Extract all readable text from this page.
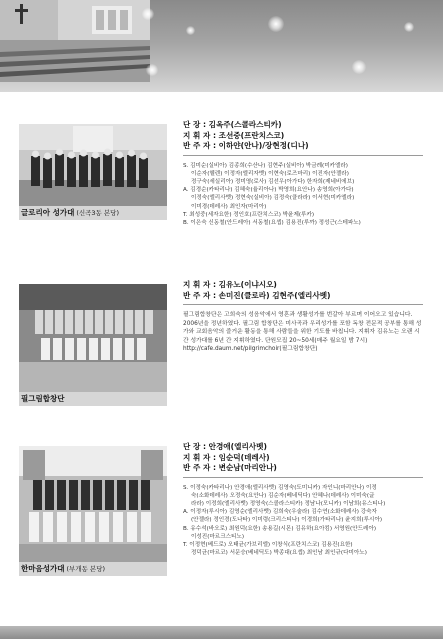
글로리아 성가대 (신곡3동 본당)
단 장 : 김옥주(스콜라스티카)
지 휘 자 : 조선중(프란치스코)
반 주 자 : 이하얀(안나)/장현정(디나)
S. 김미순(실비아) 김종희(수산나) 김현주(실비아) 박금례(미카엘라)
이순자(헬렌) 이정자(엘리자벳) 이현숙(로즈마리) 이진자(안젤라)
정구숙(세실리아) 정미영(로사) 김선우(아가다) 한자희(제네비에브)
A. 김경순(카타리나) 김혜숙(율리아나) 박영희(요안나) 송영희(아가다)
이정숙(엘리사벳) 정현숙(실비아) 김정숙(클라라) 이서현(미카엘라)
이미경(데레사) 최인자(마리아)
T. 최성중(세자요한) 정인호(프란치스코) 박윤제(루카)
B. 이은숙 신동철(안드레아) 서동철(요셉) 김용진(루까) 정성근(스테파노)
필그림합창단
지 휘 자 : 김유노(이냐시오)
반 주 자 : 손미진(클로라) 김현주(엘리사벳)
필그림합창단은 고희숙의 성음악에서 영혼과 생활성가를 번갈아 부르며 이어오고 있습니다. 2006년을 정년하였다. 필그림 합창단은 미사곡과 우리성가를 포함 독창 전문적 공부를 통해 성가와 교회음악의 즐거운 활동을 통해 사람들을 위한 기도를 바칩니다. 지휘자 김유노는 오랜 시간 성가대를 6년 간 지휘하였다. 단원모집 20~50세(매주 월요일 밤 7시) http://cafe.daum.net/pilgrimchoir(필그림합창단)
한마음성가대 (부개동 본당)
단 장 : 안경애(엘리사벳)
지 휘 자 : 임순덕(데레사)
반 주 자 : 변순남(마리안나)
S. 이정숙(카타리나) 안경애(엘리사벳) 김영숙(도미니카) 자인니(마리안나) 이정
숙(소화데레사) 오정숙(요안나) 김순자(베네딕다) 안혜나(데레사) 이미숙(글
라라) 이정희(엘리사벳) 정영숙(스콜라스티카) 정남나(모니카) 이남희(유스티나)
A. 이정자(루시아) 김영순(엘리사벳) 김희숙(우술라) 김수연(소화데레사) 강숙자
(안젤라) 정인경(도나타) 이미령(크리스티나) 이경희(가타리나) 윤지희(루시아)
B. 유수석(바오로) 최원덕(요한) 송용길(시몬) 김유하(요아킴) 서영원(안드레아)
이성진(마르크스티노)
T. 이정현(베드로) 오태균(가브리엘) 이창식(프란치스코) 김용진(요한)
정덕균(마르코) 서문승(베네딕도) 박종대(요셉) 최인남 최인규(다미아노)
